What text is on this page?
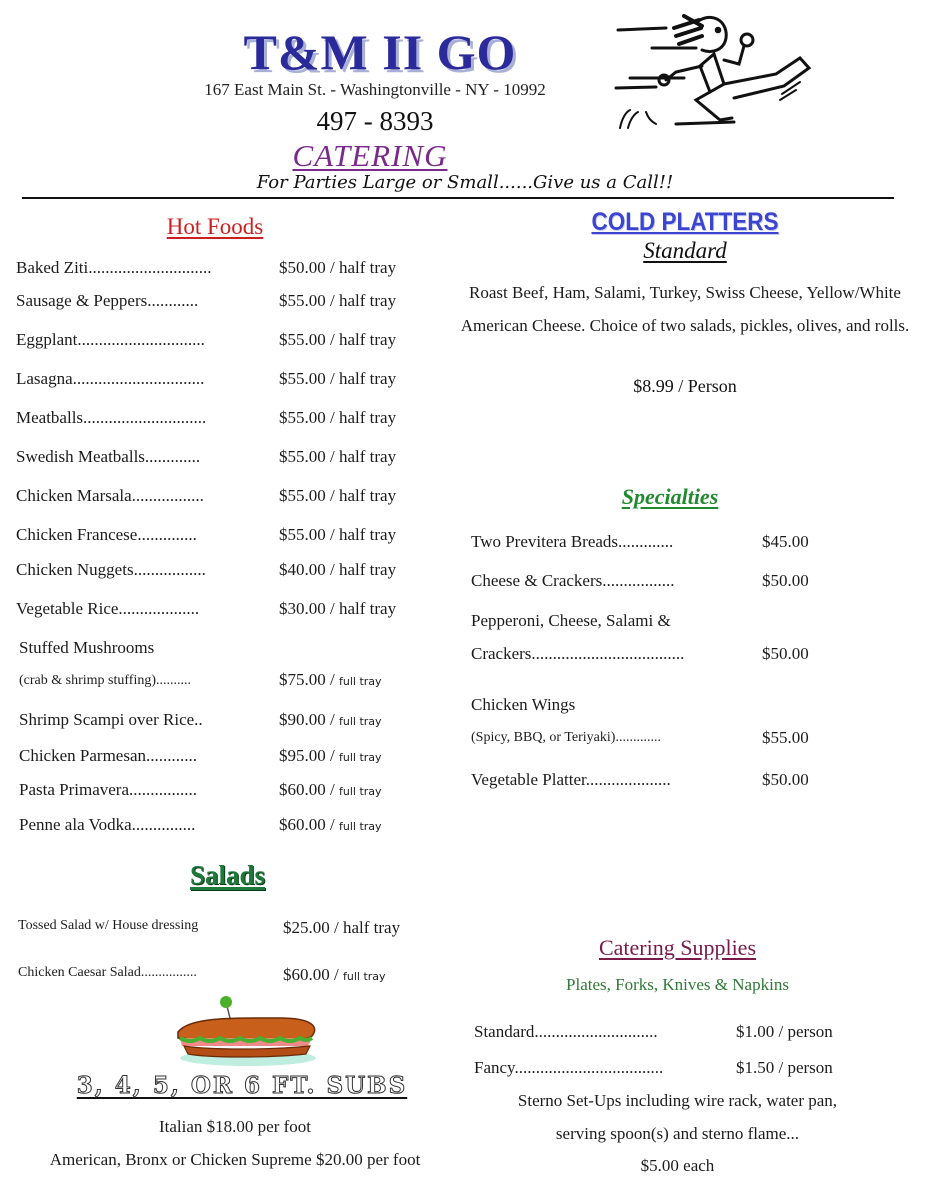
T&M II GO
167 East Main St. - Washingtonville - NY - 10992
497 - 8393
CATERING
For Parties Large or Small......Give us a Call!!
Hot Foods
Baked Ziti.............................	$50.00 / half tray
Sausage & Peppers............	$55.00 / half tray
Eggplant..............................	$55.00 / half tray
Lasagna...............................	$55.00 / half tray
Meatballs.............................	$55.00 / half tray
Swedish Meatballs.............	$55.00 / half tray
Chicken Marsala.................	$55.00 / half tray
Chicken Francese..............	$55.00 / half tray
Chicken Nuggets.................	$40.00 / half tray
Vegetable Rice...................	$30.00 / half tray
Stuffed Mushrooms
(crab & shrimp stuffing)..........	$75.00 / full tray
Shrimp Scampi over Rice..	$90.00 / full tray
Chicken Parmesan............	$95.00 / full tray
Pasta Primavera................	$60.00 / full tray
Penne ala Vodka...............	$60.00 / full tray
Salads
Tossed Salad w/ House dressing	$25.00 / half tray
Chicken Caesar Salad................	$60.00 / full tray
3, 4, 5, OR 6 FT. SUBS
Italian $18.00 per foot
American, Bronx or Chicken Supreme $20.00 per foot
COLD PLATTERS
Standard
Roast Beef, Ham, Salami, Turkey, Swiss Cheese, Yellow/White American Cheese. Choice of two salads, pickles, olives, and rolls.
$8.99 / Person
Specialties
Two Previtera Breads.............	$45.00
Cheese & Crackers.................	$50.00
Pepperoni, Cheese, Salami &
Crackers....................................	$50.00
Chicken Wings
(Spicy, BBQ, or Teriyaki).............	$55.00
Vegetable Platter....................	$50.00
Catering Supplies
Plates, Forks, Knives & Napkins
Standard.............................	$1.00 / person
Fancy...................................	$1.50 / person
Sterno Set-Ups including wire rack, water pan,
serving spoon(s) and sterno flame...
$5.00 each
